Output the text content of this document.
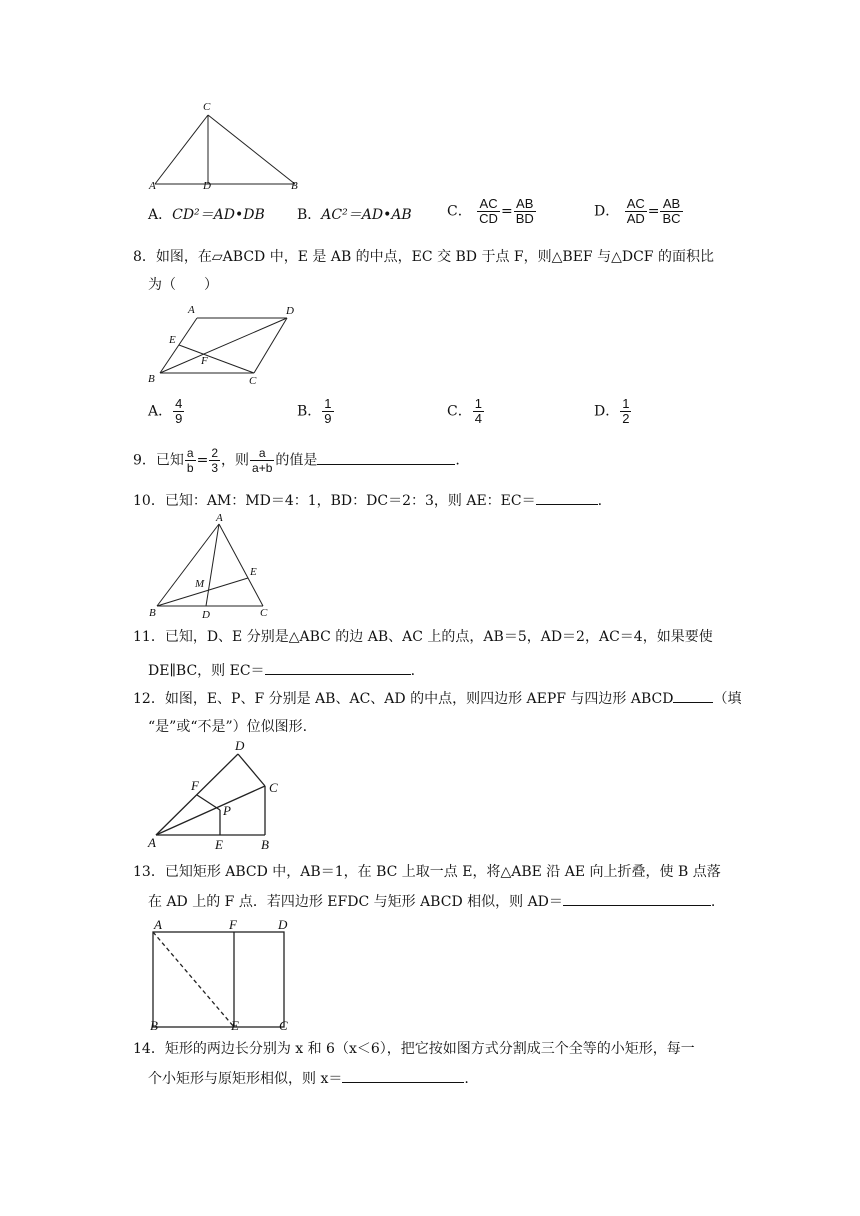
C
A	D	B
A．CD²＝AD•DB B．AC²＝AD•AB	C． $\frac{AC}{CD} = \frac{AB}{BD}$	D． $\frac{AC}{AD} = \frac{AB}{BC}$
8．如图，在▱ABCD 中，E 是 AB 的中点，EC 交 BD 于点 F，则△BEF 与△DCF 的面积比
为（　　）
A	D
E
F
B	C
A． $\frac{4}{9}$	B． $\frac{1}{9}$	C． $\frac{1}{4}$	D． $\frac{1}{2}$
9．已知 $\frac{a}{b} = \frac{2}{3}$ ，则 $\frac{a}{a+b}$ 的值是	.
10．已知：AM：MD＝4：1，BD：DC＝2：3，则 AE：EC＝	.
A
M
E
B	D	C
11．已知，D、E 分别是△ABC 的边 AB、AC 上的点，AB＝5，AD＝2，AC＝4，如果要使
DE∥BC，则 EC＝	.
12．如图，E、P、F 分别是 AB、AC、AD 的中点，则四边形 AEPF 与四边形 ABCD	（填
“是”或“不是”）位似图形.
D
F	C
P
A	E	B
13．已知矩形 ABCD 中，AB＝1，在 BC 上取一点 E，将△ABE 沿 AE 向上折叠，使 B 点落
在 AD 上的 F 点．若四边形 EFDC 与矩形 ABCD 相似，则 AD＝	.
A	F	D
B	E	C
14．矩形的两边长分别为 x 和 6（x＜6），把它按如图方式分割成三个全等的小矩形，每一
个小矩形与原矩形相似，则 x＝	.
